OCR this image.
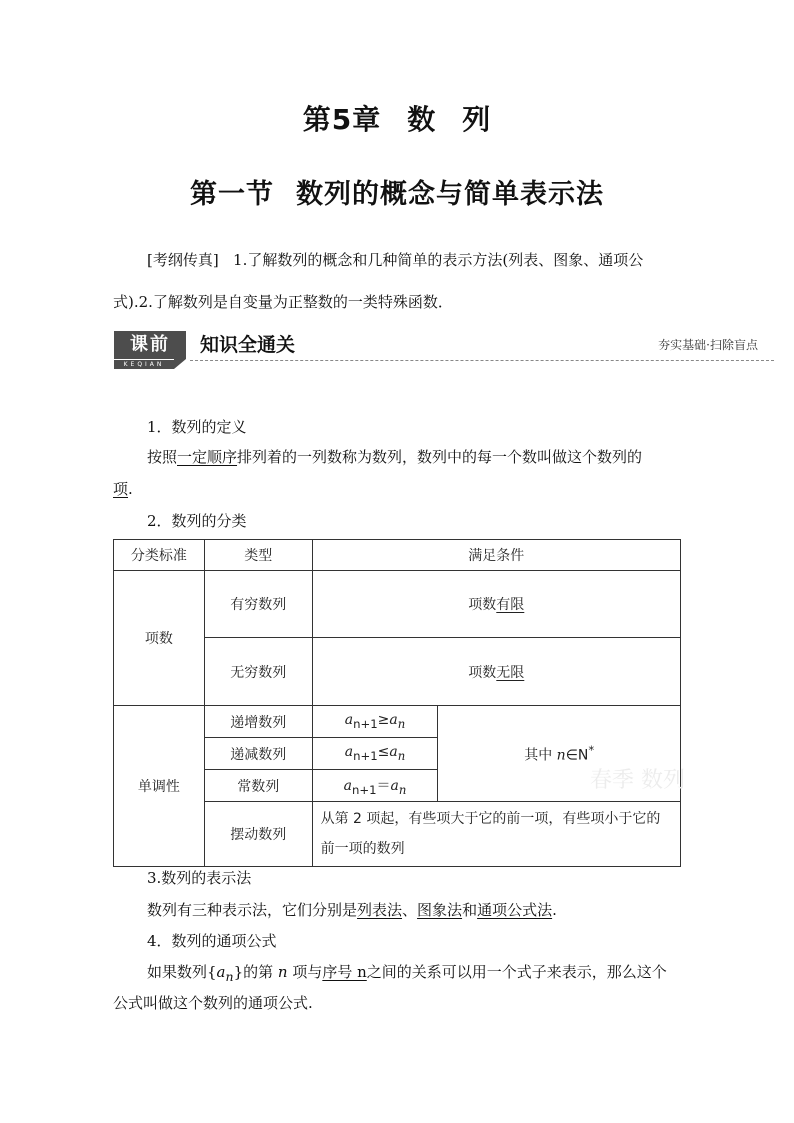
第5章 数 列
第一节 数列的概念与简单表示法
[考纲传真] 1.了解数列的概念和几种简单的表示方法(列表、图象、通项公
式).2.了解数列是自变量为正整数的一类特殊函数．
课前
KEQIAN
知识全通关	夯实基础·扫除盲点
1．数列的定义
按照一定顺序排列着的一列数称为数列，数列中的每一个数叫做这个数列的
项.
2．数列的分类
分类标准	类型	满足条件	
项数	有穷数列	项数有限	
	无穷数列	项数无限	
单调性	递增数列	$a_{n+1}\ge a_n$	其中 n∈N*
	递减数列	$a_{n+1}\le a_n$
	常数列	$a_{n+1}=a_n$
	摆动数列	从第 2 项起，有些项大于它的前一项，有些项小于它的前一项的数列	
春季 数列
3.数列的表示法
数列有三种表示法，它们分别是列表法、图象法和通项公式法.
4．数列的通项公式
如果数列$\{a_n\}$的第 n 项与序号 n之间的关系可以用一个式子来表示，那么这个
公式叫做这个数列的通项公式.
